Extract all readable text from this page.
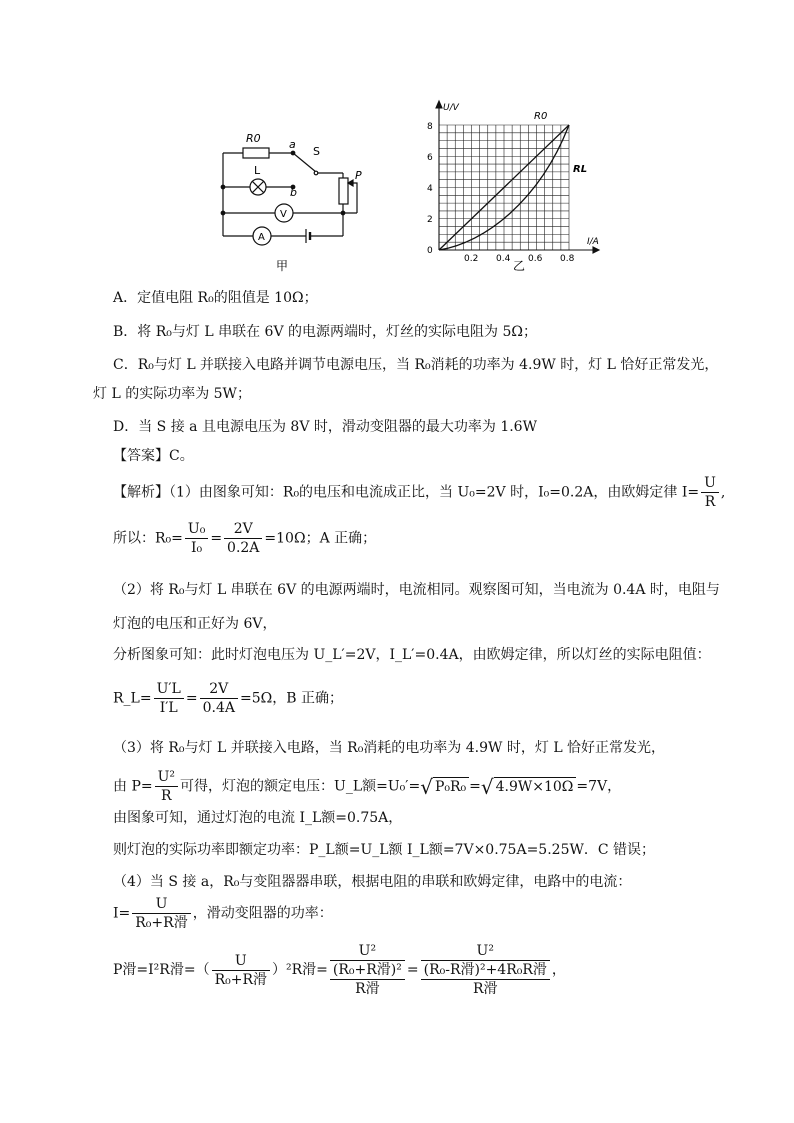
R0	a
S
L
b
P
V
A
甲
U/V
I/A
R0
RL
8
6
4
2
0
0.2 0.4 0.6 0.8
乙
A．定值电阻 R₀的阻值是 10Ω；
B．将 R₀与灯 L 串联在 6V 的电源两端时，灯丝的实际电阻为 5Ω；
C．R₀与灯 L 并联接入电路并调节电源电压，当 R₀消耗的功率为 4.9W 时，灯 L 恰好正常发光，
灯 L 的实际功率为 5W；
D．当 S 接 a 且电源电压为 8V 时，滑动变阻器的最大功率为 1.6W
【答案】C。
【解析】（1）由图象可知：R₀的电压和电流成正比，当 U₀=2V 时，I₀=0.2A，由欧姆定律 $I= \frac{U}{R}$ ,
所以：$R_0= \frac{\text{U₀}}{\text{I₀}} = \frac{2V}{0.2A} =10\Omega$；A 正确；
（2）将 R₀与灯 L 串联在 6V 的电源两端时，电流相同。观察图可知，当电流为 0.4A 时，电阻与
灯泡的电压和正好为 6V，
分析图象可知：此时灯泡电压为 U_L′=2V，I_L′=0.4A，由欧姆定律，所以灯丝的实际电阻值：
R_L= $\frac{U'L}{I'L} = \frac{2V}{0.4A} =5\Omega$，B 正确；
（3）将 R₀与灯 L 并联接入电路，当 R₀消耗的电功率为 4.9W 时，灯 L 恰好正常发光，
由 $P= \frac{\text{U²}}{R}$ 可得，灯泡的额定电压：U_L额=U₀′=√ P₀R₀ =√ 4.9W×10Ω =7V，
由图象可知，通过灯泡的电流 I_L额=0.75A，
则灯泡的实际功率即额定功率：P_L额=U_L额 I_L额=7V×0.75A=5.25W．C 错误；
（4）当 S 接 a，R₀与变阻器器串联，根据电阻的串联和欧姆定律，电路中的电流：
$I= \frac{U}{\text{R₀+R滑}}$ ，滑动变阻器的功率：
P滑=I²R滑=（ $\frac{U}{\text{R₀+R滑}} )^2R$滑=
U²
(R₀+R滑)²
R滑
=
U²
(R₀-R滑)²+4R₀R滑
R滑
，
